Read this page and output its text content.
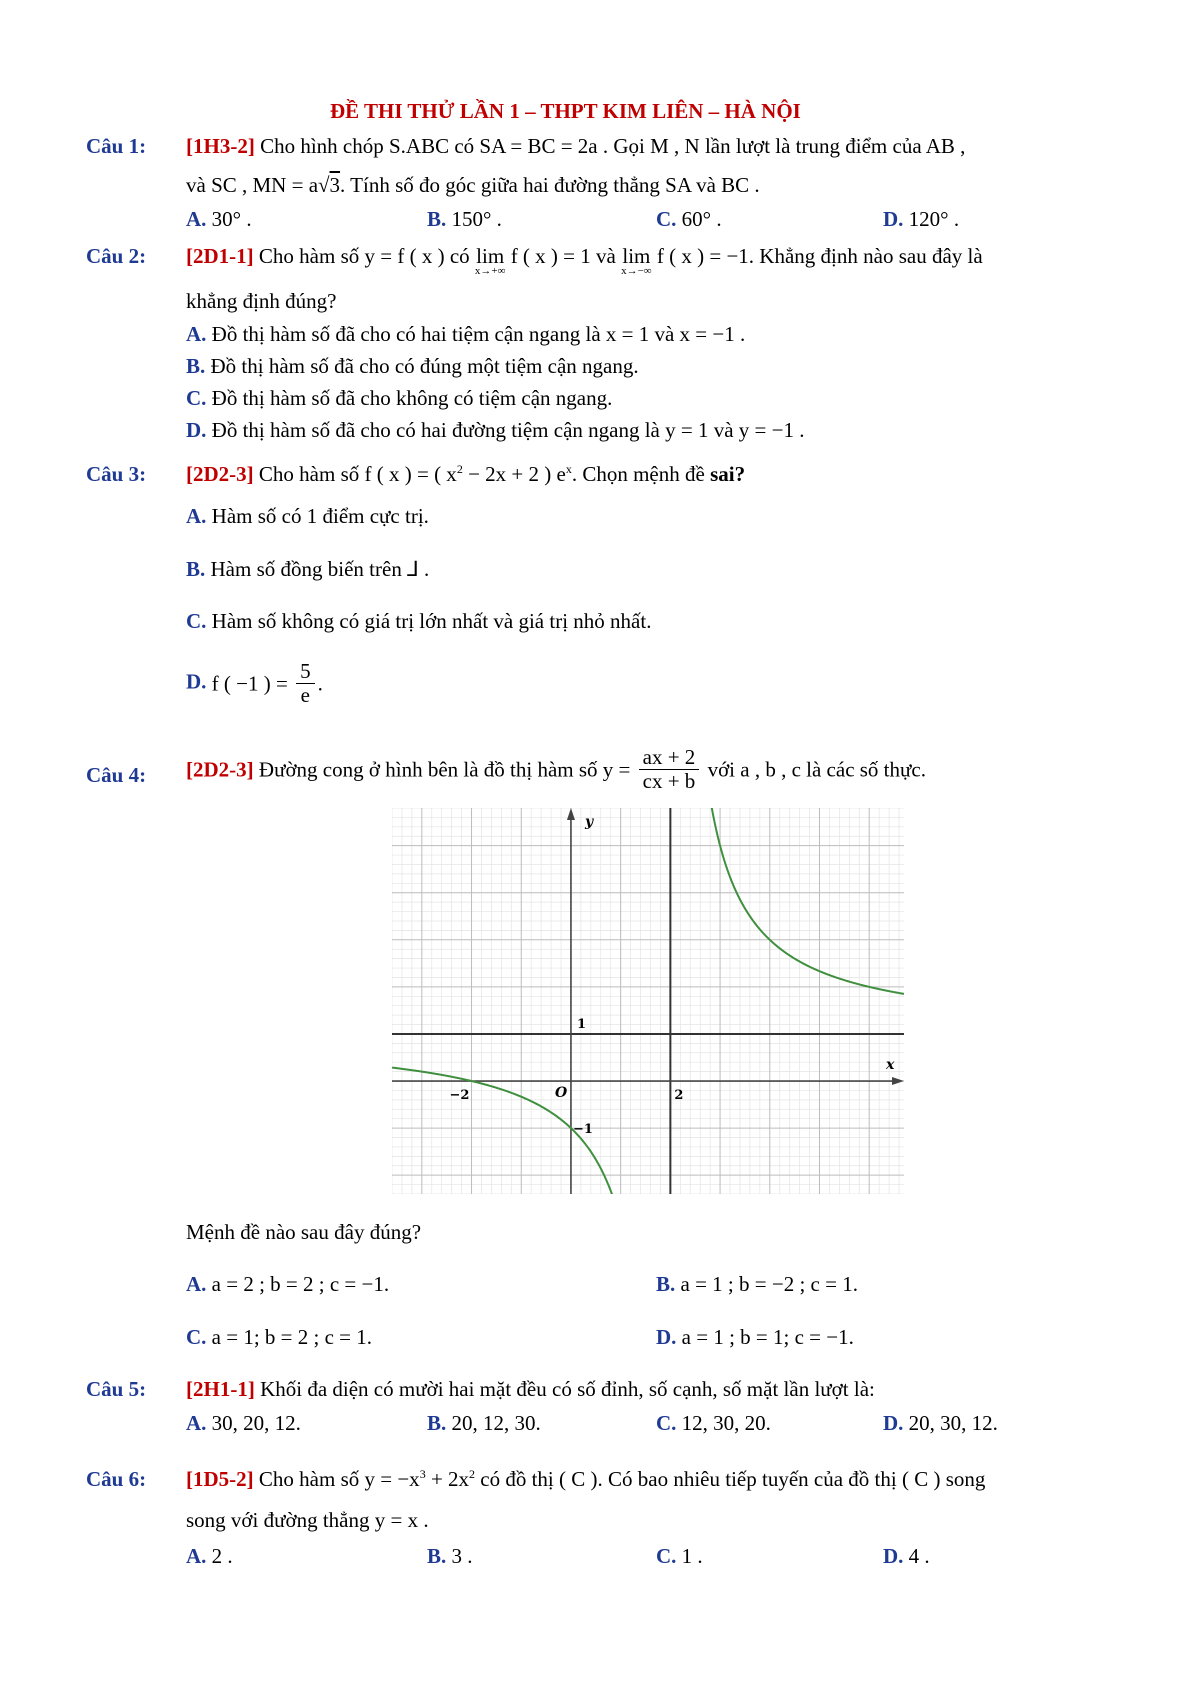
ĐỀ THI THỬ LẦN 1 – THPT KIM LIÊN – HÀ NỘI
Câu 1: [1H3-2] Cho hình chóp S.ABC có SA = BC = 2a . Gọi M , N lần lượt là trung điểm của AB ,
và SC , MN = a√3. Tính số đo góc giữa hai đường thẳng SA và BC .
A. 30° .	B. 150° .	C. 60° .	D. 120° .
Câu 2: [2D1-1] Cho hàm số y = f ( x ) có lim
x→+∞
f ( x ) = 1 và lim
x→−∞
f ( x ) = −1. Khẳng định nào sau đây là
khẳng định đúng?
A. Đồ thị hàm số đã cho có hai tiệm cận ngang là x = 1 và x = −1 .
B. Đồ thị hàm số đã cho có đúng một tiệm cận ngang.
C. Đồ thị hàm số đã cho không có tiệm cận ngang.
D. Đồ thị hàm số đã cho có hai đường tiệm cận ngang là y = 1 và y = −1 .
Câu 3: [2D2-3] Cho hàm số f ( x ) = ( $x^2 - 2x + 2$ ) $e^x$. Chọn mệnh đề sai?
A. Hàm số có 1 điểm cực trị.
B. Hàm số đồng biến trên ⅃ .
C. Hàm số không có giá trị lớn nhất và giá trị nhỏ nhất.
D. f ( −1 ) = $\frac{5}{e}$ .
Câu 4: [2D2-3] Đường cong ở hình bên là đồ thị hàm số $y = \frac{ax + 2}{cx + b}$ với a , b , c là các số thực.
y
x
1
−2	O	2
−1
Mệnh đề nào sau đây đúng?
A. a = 2 ; b = 2 ; c = −1.	B. a = 1 ; b = −2 ; c = 1.
C. a = 1; b = 2 ; c = 1.	D. a = 1 ; b = 1; c = −1.
Câu 5: [2H1-1] Khối đa diện có mười hai mặt đều có số đỉnh, số cạnh, số mặt lần lượt là:
A. 30, 20, 12.	B. 20, 12, 30.	C. 12, 30, 20.	D. 20, 30, 12.
Câu 6: [1D5-2] Cho hàm số $y = -x^3 + 2x^2$ có đồ thị ( C ). Có bao nhiêu tiếp tuyến của đồ thị ( C ) song
song với đường thẳng y = x .
A. 2 .	B. 3 .	C. 1 .	D. 4 .
